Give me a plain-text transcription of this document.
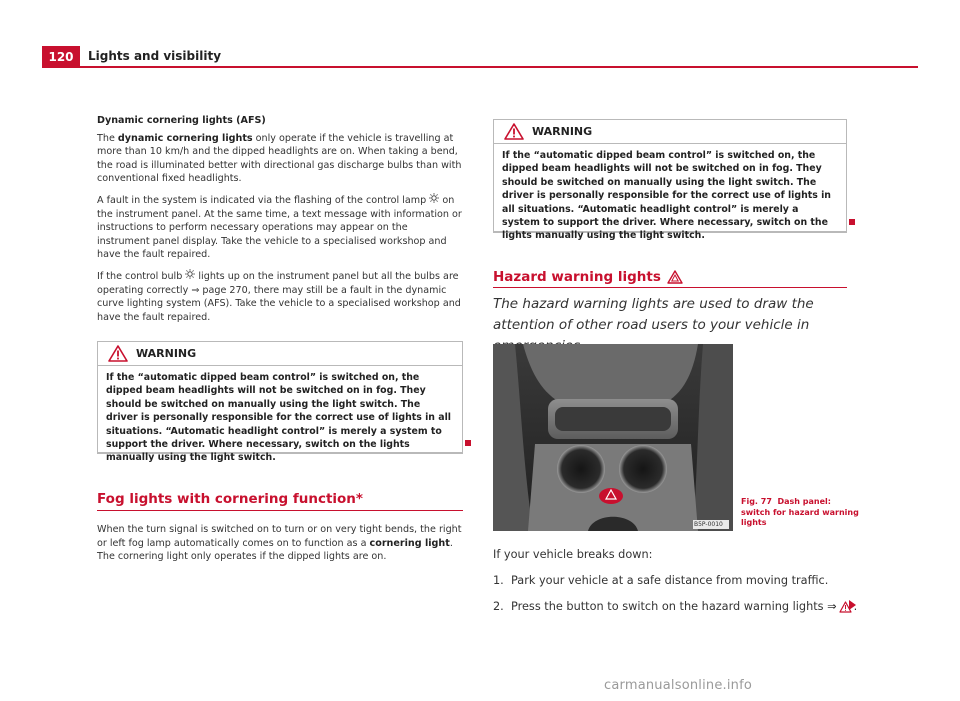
120	Lights and visibility
Dynamic cornering lights (AFS)

The dynamic cornering lights only operate if the vehicle is travelling at more than 10 km/h and the dipped headlights are on. When taking a bend, the road is illuminated better with directional gas discharge bulbs than with conventional fixed headlights.

A fault in the system is indicated via the flashing of the control lamp  on the instrument panel. At the same time, a text message with information or instructions to perform necessary operations may appear on the instrument panel display. Take the vehicle to a specialised workshop and have the fault repaired.

If the control bulb  lights up on the instrument panel but all the bulbs are operating correctly ⇒ page 270, there may still be a fault in the dynamic curve lighting system (AFS). Take the vehicle to a specialised workshop and have the fault repaired.

WARNING
If the “automatic dipped beam control” is switched on, the dipped beam headlights will not be switched on in fog. They should be switched on manually using the light switch. The driver is personally responsible for the correct use of lights in all situations. “Automatic headlight control” is merely a system to support the driver. Where necessary, switch on the lights manually using the light switch.
Fog lights with cornering function*

When the turn signal is switched on to turn or on very tight bends, the right or left fog lamp automatically comes on to function as a cornering light. The cornering light only operates if the dipped lights are on.

WARNING
If the “automatic dipped beam control” is switched on, the dipped beam headlights will not be switched on in fog. They should be switched on manually using the light switch. The driver is personally responsible for the correct use of lights in all situations. “Automatic headlight control” is merely a system to support the driver. Where necessary, switch on the lights manually using the light switch.
Hazard warning lights
The hazard warning lights are used to draw the attention of other road users to your vehicle in
B5P-0010
Fig. 77 Dash panel: switch for hazard warning lights
If your vehicle breaks down:
1. Park your vehicle at a safe distance from moving traffic.
2.
Press the button to switch on the hazard warning lights ⇒ .
carmanualsonline.info
